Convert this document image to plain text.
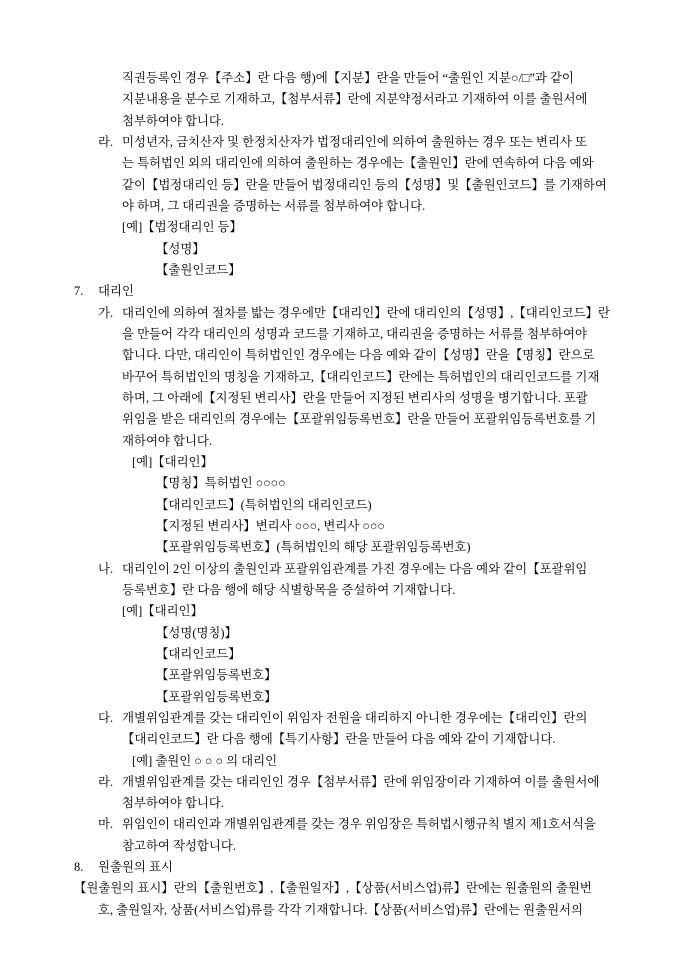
직권등록인 경우【주소】란 다음 행)에【지분】란을 만들어 “출원인 지분○/□”과 같이
지분내용을 분수로 기재하고,【첨부서류】란에 지분약정서라고 기재하여 이를 출원서에
첨부하여야 합니다.
라. 미성년자, 금치산자 및 한정치산자가 법정대리인에 의하여 출원하는 경우 또는 변리사 또
는 특허법인 외의 대리인에 의하여 출원하는 경우에는【출원인】란에 연속하여 다음 예와
같이【법정대리인 등】란을 만들어 법정대리인 등의【성명】및【출원인코드】를 기재하여
야 하며, 그 대리권을 증명하는 서류를 첨부하여야 합니다.
[예]【법정대리인 등】
【성명】
【출원인코드】
7.	대리인
가. 대리인에 의하여 절차를 밟는 경우에만【대리인】란에 대리인의【성명】,【대리인코드】란
을 만들어 각각 대리인의 성명과 코드를 기재하고, 대리권을 증명하는 서류를 첨부하여야
합니다. 다만, 대리인이 특허법인인 경우에는 다음 예와 같이【성명】란을【명칭】란으로
바꾸어 특허법인의 명칭을 기재하고,【대리인코드】란에는 특허법인의 대리인코드를 기재
하며, 그 아래에【지정된 변리사】란을 만들어 지정된 변리사의 성명을 병기합니다. 포괄
위임을 받은 대리인의 경우에는【포괄위임등록번호】란을 만들어 포괄위임등록번호를 기
재하여야 합니다.
[예]【대리인】
【명칭】특허법인 ○○○○
【대리인코드】(특허법인의 대리인코드)
【지정된 변리사】변리사 ○○○, 변리사 ○○○
【포괄위임등록번호】(특허법인의 해당 포괄위임등록번호)
나. 대리인이 2인 이상의 출원인과 포괄위임관계를 가진 경우에는 다음 예와 같이【포괄위임
등록번호】란 다음 행에 해당 식별항목을 증설하여 기재합니다.
[예]【대리인】
【성명(명칭)】
【대리인코드】
【포괄위임등록번호】
【포괄위임등록번호】
다. 개별위임관계를 갖는 대리인이 위임자 전원을 대리하지 아니한 경우에는【대리인】란의
【대리인코드】란 다음 행에【특기사항】란을 만들어 다음 예와 같이 기재합니다.
[예] 출원인 ○ ○ ○ 의 대리인
라. 개별위임관계를 갖는 대리인인 경우【첨부서류】란에 위임장이라 기재하여 이를 출원서에
첨부하여야 합니다.
마. 위임인이 대리인과 개별위임관계를 갖는 경우 위임장은 특허법시행규칙 별지 제1호서식을
참고하여 작성합니다.
8.	원출원의 표시
【원출원의 표시】란의【출원번호】,【출원일자】,【상품(서비스업)류】란에는 원출원의 출원번
호, 출원일자, 상품(서비스업)류를 각각 기재합니다.【상품(서비스업)류】란에는 원출원서의
